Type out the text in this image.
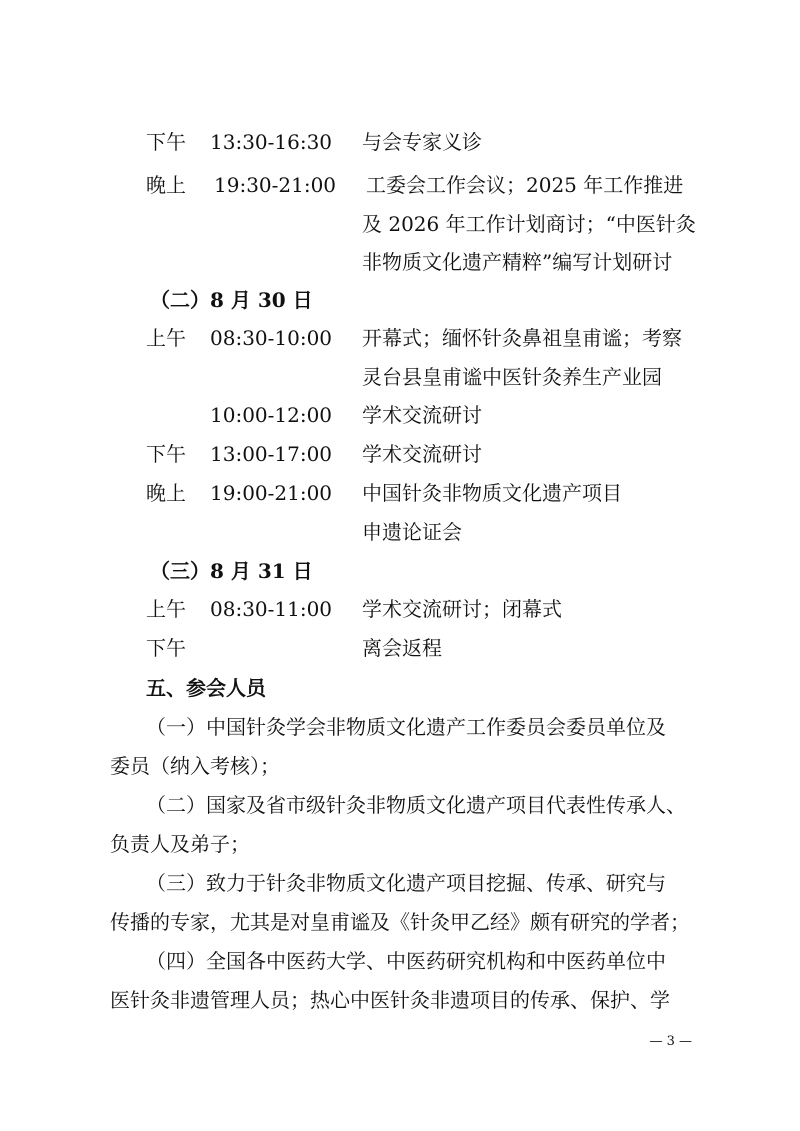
下午 13:30-16:30 与会专家义诊
晚上 19:30-21:00 工委会工作会议；2025 年工作推进
及 2026 年工作计划商讨；“中医针灸
非物质文化遗产精粹”编写计划研讨
（二）8 月 30 日
上午 08:30-10:00 开幕式；缅怀针灸鼻祖皇甫谧；考察
灵台县皇甫谧中医针灸养生产业园
10:00-12:00 学术交流研讨
下午 13:00-17:00 学术交流研讨
晚上 19:00-21:00 中国针灸非物质文化遗产项目
申遗论证会
（三）8 月 31 日
上午 08:30-11:00 学术交流研讨；闭幕式
下午	离会返程
五、参会人员
（一）中国针灸学会非物质文化遗产工作委员会委员单位及
委员（纳入考核）；
（二）国家及省市级针灸非物质文化遗产项目代表性传承人、
负责人及弟子；
（三）致力于针灸非物质文化遗产项目挖掘、传承、研究与
传播的专家，尤其是对皇甫谧及《针灸甲乙经》颇有研究的学者；
（四）全国各中医药大学、中医药研究机构和中医药单位中
医针灸非遗管理人员；热心中医针灸非遗项目的传承、保护、学
— 3 —
